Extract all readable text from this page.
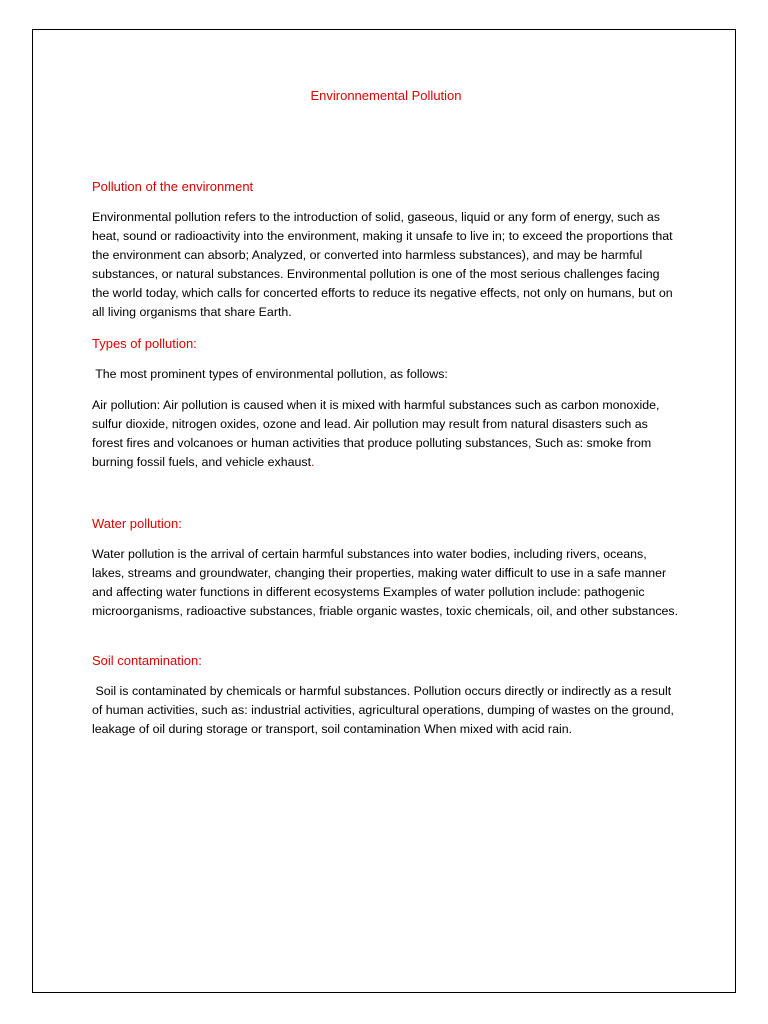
Environnemental Pollution
Pollution of the environment

Environmental pollution refers to the introduction of solid, gaseous, liquid or any form of energy, such as heat, sound or radioactivity into the environment, making it unsafe to live in; to exceed the proportions that the environment can absorb; Analyzed, or converted into harmless substances), and may be harmful substances, or natural substances. Environmental pollution is one of the most serious challenges facing the world today, which calls for concerted efforts to reduce its negative effects, not only on humans, but on all living organisms that share Earth.

Types of pollution:

The most prominent types of environmental pollution, as follows:

Air pollution: Air pollution is caused when it is mixed with harmful substances such as carbon monoxide, sulfur dioxide, nitrogen oxides, ozone and lead. Air pollution may result from natural disasters such as forest fires and volcanoes or human activities that produce polluting substances, Such as: smoke from burning fossil fuels, and vehicle exhaust.

Water pollution:

Water pollution is the arrival of certain harmful substances into water bodies, including rivers, oceans, lakes, streams and groundwater, changing their properties, making water difficult to use in a safe manner and affecting water functions in different ecosystems Examples of water pollution include: pathogenic microorganisms, radioactive substances, friable organic wastes, toxic chemicals, oil, and other substances.

Soil contamination:

Soil is contaminated by chemicals or harmful substances. Pollution occurs directly or indirectly as a result of human activities, such as: industrial activities, agricultural operations, dumping of wastes on the ground, leakage of oil during storage or transport, soil contamination When mixed with acid rain.
